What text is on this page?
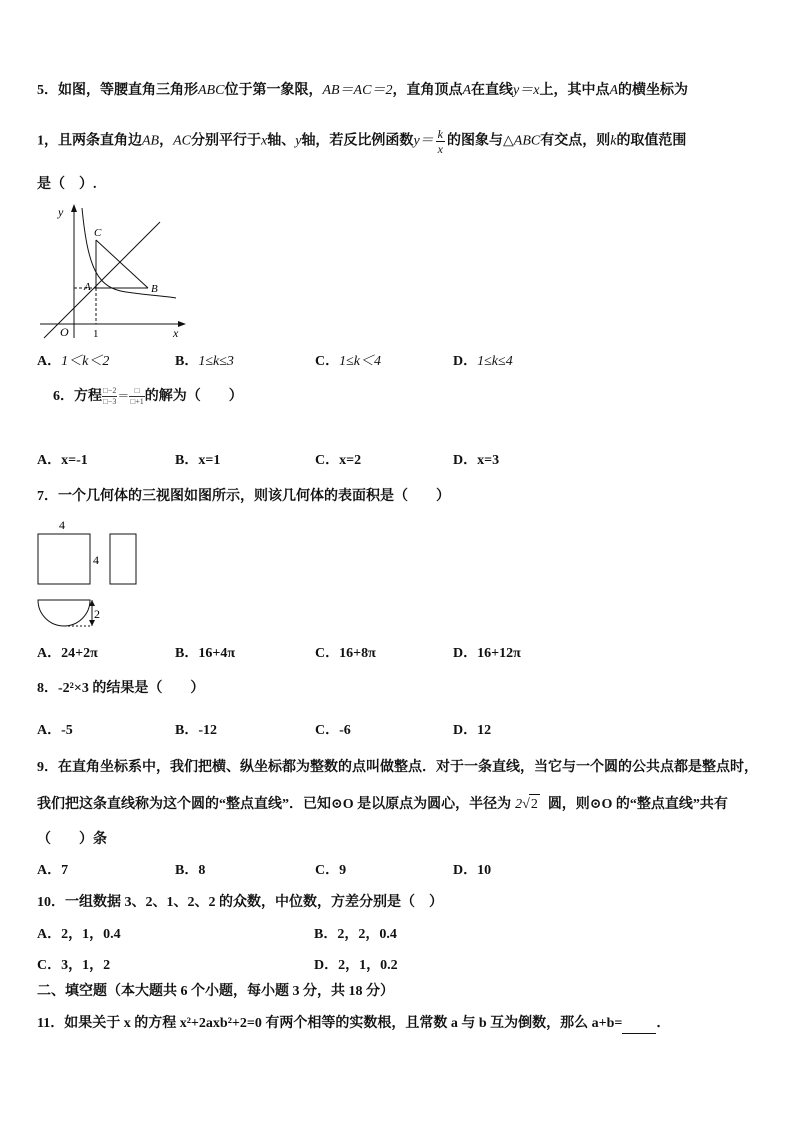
5．如图，等腰直角三角形ABC位于第一象限，AB＝AC＝2，直角顶点A在直线y＝x上，其中点A的横坐标为
1，且两条直角边AB，AC分别平行于x轴、y轴，若反比例函数$y= \frac{k}{x}$ 的图象与△ABC有交点，则k的取值范围
是（　）.
y
x
O 1
A	B
C
A．1＜k＜2	B．1≤k≤3	C．1≤k＜4	D．1≤k≤4
6．方程 $\frac{□-2}{□-3}$ ＝ □
□+1 的解为（　　）
A．x=-1	B．x=1	C．x=2	D．x=3
7．一个几何体的三视图如图所示，则该几何体的表面积是（　　）
4
4
2
A．24+2π	B．16+4π	C．16+8π	D．16+12π
8．-2²×3 的结果是（　　）
A．-5	B．-12	C．-6	D．12
9．在直角坐标系中，我们把横、纵坐标都为整数的点叫做整点．对于一条直线，当它与一个圆的公共点都是整点时，
我们把这条直线称为这个圆的“整点直线”．已知⊙O 是以原点为圆心，半径为 2√2 圆，则⊙O 的“整点直线”共有
（　　）条
A．7	B．8	C．9	D．10
10．一组数据 3、2、1、2、2 的众数，中位数，方差分别是（　）
A．2，1，0.4	B．2，2，0.4
C．3，1，2	D．2，1，0.2
二、填空题（本大题共 6 个小题，每小题 3 分，共 18 分）
11．如果关于 x 的方程 x²+2axb²+2=0 有两个相等的实数根，且常数 a 与 b 互为倒数，那么 a+b= ．
